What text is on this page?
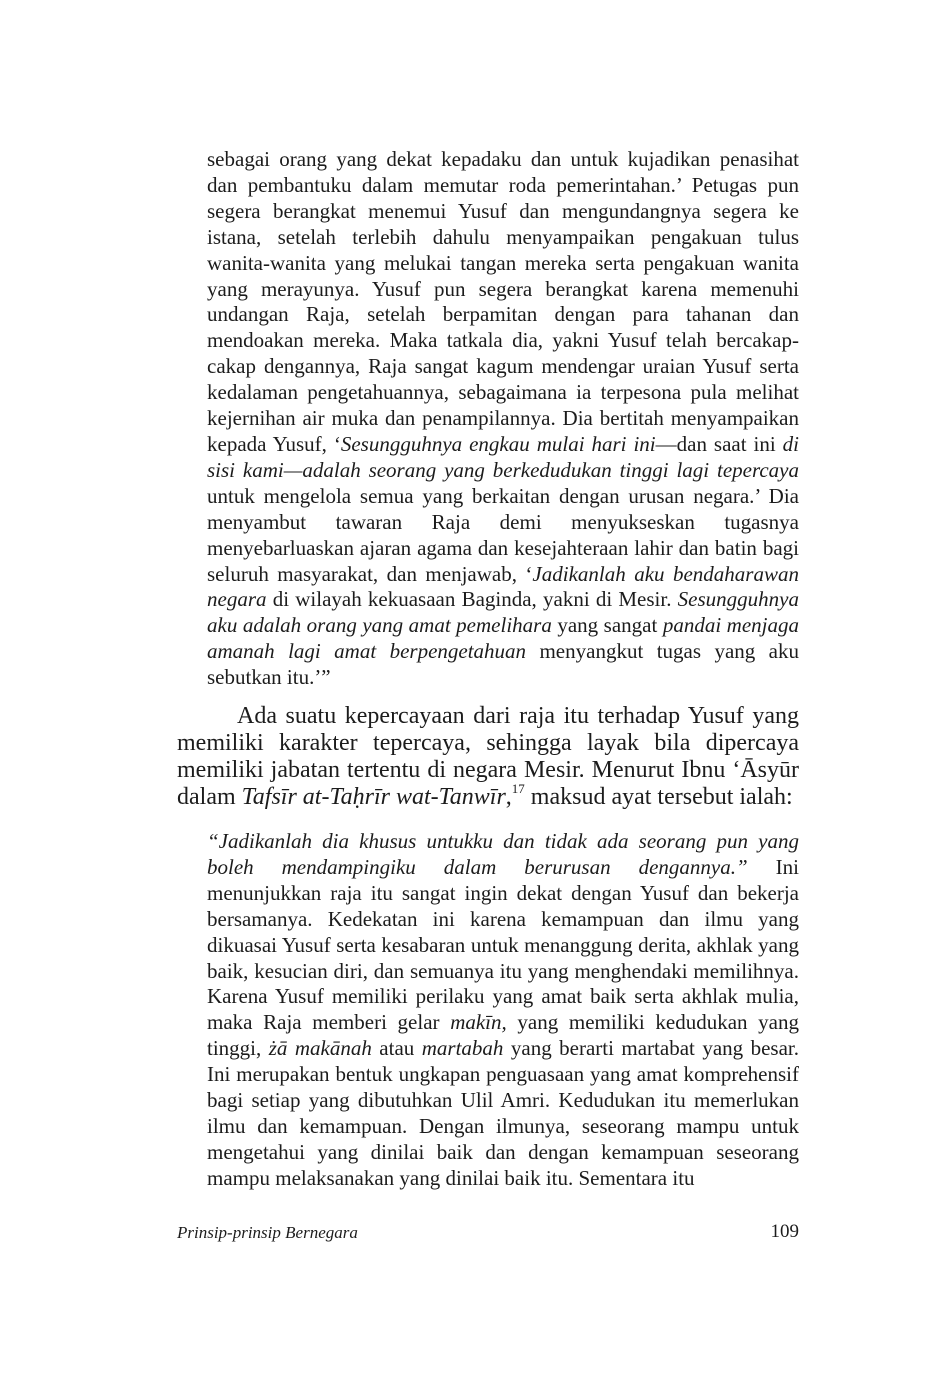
sebagai orang yang dekat kepadaku dan untuk kujadikan penasihat dan pembantuku dalam memutar roda pemerintahan.’ Petugas pun segera berangkat menemui Yusuf dan mengundangnya segera ke istana, setelah terlebih dahulu menyampaikan pengakuan tulus wanita-wanita yang melukai tangan mereka serta pengakuan wanita yang merayunya. Yusuf pun segera berangkat karena memenuhi undangan Raja, setelah berpamitan dengan para tahanan dan mendoakan mereka. Maka tatkala dia, yakni Yusuf telah bercakap-cakap dengannya, Raja sangat kagum mendengar uraian Yusuf serta kedalaman pengetahuannya, sebagaimana ia terpesona pula melihat kejernihan air muka dan penampilannya. Dia bertitah menyampaikan kepada Yusuf, ‘Sesungguhnya engkau mulai hari ini—dan saat ini di sisi kami—adalah seorang yang berkedudukan tinggi lagi tepercaya untuk mengelola semua yang berkaitan dengan urusan negara.’ Dia menyambut tawaran Raja demi menyukseskan tugasnya menyebarluaskan ajaran agama dan kesejahteraan lahir dan batin bagi seluruh masyarakat, dan menjawab, ‘Jadikanlah aku bendaharawan negara di wilayah kekuasaan Baginda, yakni di Mesir. Sesungguhnya aku adalah orang yang amat pemelihara yang sangat pandai menjaga amanah lagi amat berpengetahuan menyangkut tugas yang aku sebutkan itu.’”

Ada suatu kepercayaan dari raja itu terhadap Yusuf yang memiliki karakter tepercaya, sehingga layak bila dipercaya memiliki jabatan tertentu di negara Mesir. Menurut Ibnu ‘Āsyūr dalam Tafsīr at-Taḥrīr wat-Tanwīr,$^{17}$ maksud ayat tersebut ialah:

“Jadikanlah dia khusus untukku dan tidak ada seorang pun yang boleh mendampingiku dalam berurusan dengannya.” Ini menunjukkan raja itu sangat ingin dekat dengan Yusuf dan bekerja bersamanya. Kedekatan ini karena kemampuan dan ilmu yang dikuasai Yusuf serta kesabaran untuk menanggung derita, akhlak yang baik, kesucian diri, dan semuanya itu yang menghendaki memilihnya. Karena Yusuf memiliki perilaku yang amat baik serta akhlak mulia, maka Raja memberi gelar makīn, yang memiliki kedudukan yang tinggi, żā makānah atau martabah yang berarti martabat yang besar. Ini merupakan bentuk ungkapan penguasaan yang amat komprehensif bagi setiap yang dibutuhkan Ulil Amri. Kedudukan itu memerlukan ilmu dan kemampuan. Dengan ilmunya, seseorang mampu untuk mengetahui yang dinilai baik dan dengan kemampuan seseorang mampu melaksanakan yang dinilai baik itu. Sementara itu

Prinsip-prinsip Bernegara	109
